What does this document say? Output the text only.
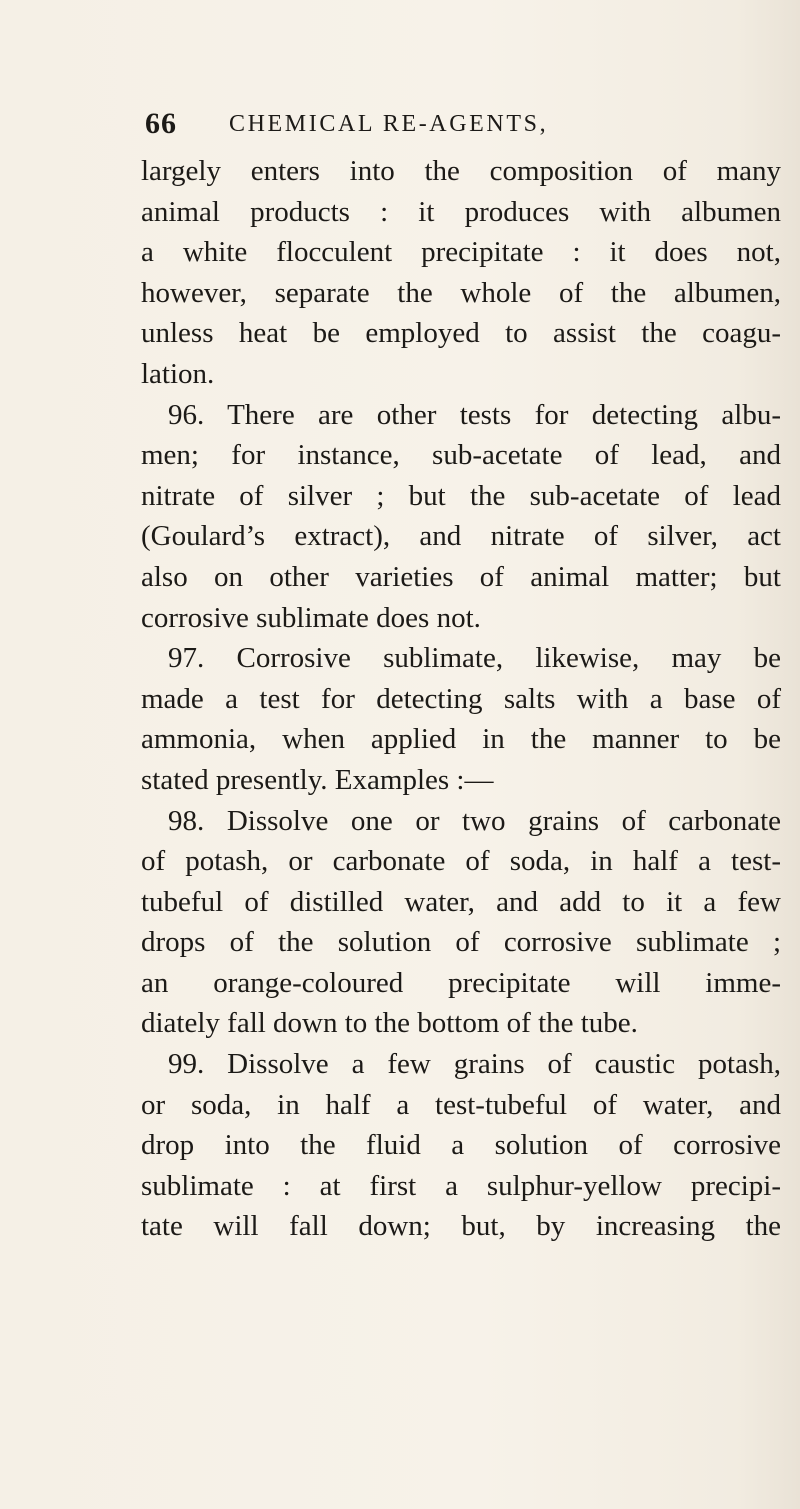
66 CHEMICAL RE-AGENTS,
largely enters into the composition of many
animal products : it produces with albumen
a white flocculent precipitate : it does not,
however, separate the whole of the albumen,
unless heat be employed to assist the coagu-
lation.
96. There are other tests for detecting albu-
men; for instance, sub-acetate of lead, and
nitrate of silver ; but the sub-acetate of lead
(Goulard’s extract), and nitrate of silver, act
also on other varieties of animal matter; but
corrosive sublimate does not.
97. Corrosive sublimate, likewise, may be
made a test for detecting salts with a base of
ammonia, when applied in the manner to be
stated presently. Examples :—
98. Dissolve one or two grains of carbonate
of potash, or carbonate of soda, in half a test-
tubeful of distilled water, and add to it a few
drops of the solution of corrosive sublimate ;
an orange-coloured precipitate will imme-
diately fall down to the bottom of the tube.
99. Dissolve a few grains of caustic potash,
or soda, in half a test-tubeful of water, and
drop into the fluid a solution of corrosive
sublimate : at first a sulphur-yellow precipi-
tate will fall down; but, by increasing the
